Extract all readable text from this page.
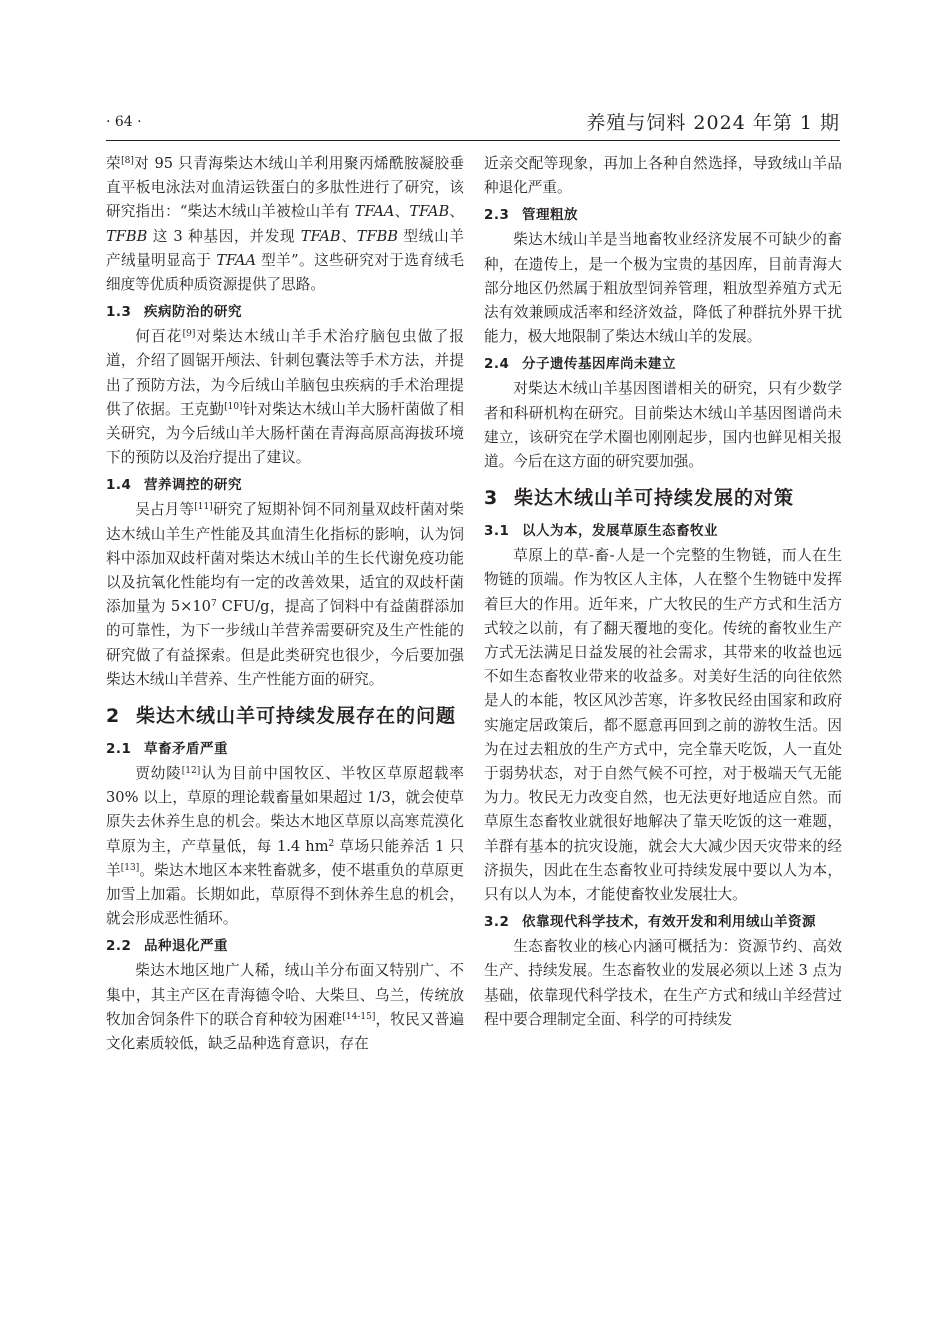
· 64 ·	养殖与饲料 2024 年第 1 期

荣[8]对 95 只青海柴达木绒山羊利用聚丙烯酰胺凝胶垂直平板电泳法对血清运铁蛋白的多肽性进行了研究，该研究指出：“柴达木绒山羊被检山羊有 TFAA、TFAB、TFBB 这 3 种基因，并发现 TFAB、TFBB 型绒山羊产绒量明显高于 TFAA 型羊”。这些研究对于选育绒毛细度等优质种质资源提供了思路。

1.3 疾病防治的研究

何百花[9]对柴达木绒山羊手术治疗脑包虫做了报道，介绍了圆锯开颅法、针刺包囊法等手术方法，并提出了预防方法，为今后绒山羊脑包虫疾病的手术治理提供了依据。王克勤[10]针对柴达木绒山羊大肠杆菌做了相关研究，为今后绒山羊大肠杆菌在青海高原高海拔环境下的预防以及治疗提出了建议。

1.4 营养调控的研究

吴占月等[11]研究了短期补饲不同剂量双歧杆菌对柴达木绒山羊生产性能及其血清生化指标的影响，认为饲料中添加双歧杆菌对柴达木绒山羊的生长代谢免疫功能以及抗氧化性能均有一定的改善效果，适宜的双歧杆菌添加量为 $5\times 10^7$ CFU/g，提高了饲料中有益菌群添加的可靠性，为下一步绒山羊营养需要研究及生产性能的研究做了有益探索。但是此类研究也很少，今后要加强柴达木绒山羊营养、生产性能方面的研究。

2 柴达木绒山羊可持续发展存在的问题
2.1 草畜矛盾严重

贾幼陵[12]认为目前中国牧区、半牧区草原超载率 30% 以上，草原的理论载畜量如果超过 1/3，就会使草原失去休养生息的机会。柴达木地区草原以高寒荒漠化草原为主，产草量低，每 1.4 $hm^2$ 草场只能养活 1 只羊[13]。柴达木地区本来牲畜就多，使不堪重负的草原更加雪上加霜。长期如此，草原得不到休养生息的机会，就会形成恶性循环。

2.2 品种退化严重

柴达木地区地广人稀，绒山羊分布面又特别广、不集中，其主产区在青海德令哈、大柴旦、乌兰，传统放牧加舍饲条件下的联合育种较为困难[14-15]，牧民又普遍文化素质较低，缺乏品种选育意识，存在

近亲交配等现象，再加上各种自然选择，导致绒山羊品种退化严重。

2.3 管理粗放

柴达木绒山羊是当地畜牧业经济发展不可缺少的畜种，在遗传上，是一个极为宝贵的基因库，目前青海大部分地区仍然属于粗放型饲养管理，粗放型养殖方式无法有效兼顾成活率和经济效益，降低了种群抗外界干扰能力，极大地限制了柴达木绒山羊的发展。

2.4 分子遗传基因库尚未建立

对柴达木绒山羊基因图谱相关的研究，只有少数学者和科研机构在研究。目前柴达木绒山羊基因图谱尚未建立，该研究在学术圈也刚刚起步，国内也鲜见相关报道。今后在这方面的研究要加强。

3 柴达木绒山羊可持续发展的对策
3.1 以人为本，发展草原生态畜牧业

草原上的草-畜-人是一个完整的生物链，而人在生物链的顶端。作为牧区人主体，人在整个生物链中发挥着巨大的作用。近年来，广大牧民的生产方式和生活方式较之以前，有了翻天覆地的变化。传统的畜牧业生产方式无法满足日益发展的社会需求，其带来的收益也远不如生态畜牧业带来的收益多。对美好生活的向往依然是人的本能，牧区风沙苦寒，许多牧民经由国家和政府实施定居政策后，都不愿意再回到之前的游牧生活。因为在过去粗放的生产方式中，完全靠天吃饭，人一直处于弱势状态，对于自然气候不可控，对于极端天气无能为力。牧民无力改变自然，也无法更好地适应自然。而草原生态畜牧业就很好地解决了靠天吃饭的这一难题，羊群有基本的抗灾设施，就会大大减少因天灾带来的经济损失，因此在生态畜牧业可持续发展中要以人为本，只有以人为本，才能使畜牧业发展壮大。

3.2 依靠现代科学技术，有效开发和利用绒山羊资源

生态畜牧业的核心内涵可概括为：资源节约、高效生产、持续发展。生态畜牧业的发展必须以上述 3 点为基础，依靠现代科学技术，在生产方式和绒山羊经营过程中要合理制定全面、科学的可持续发
